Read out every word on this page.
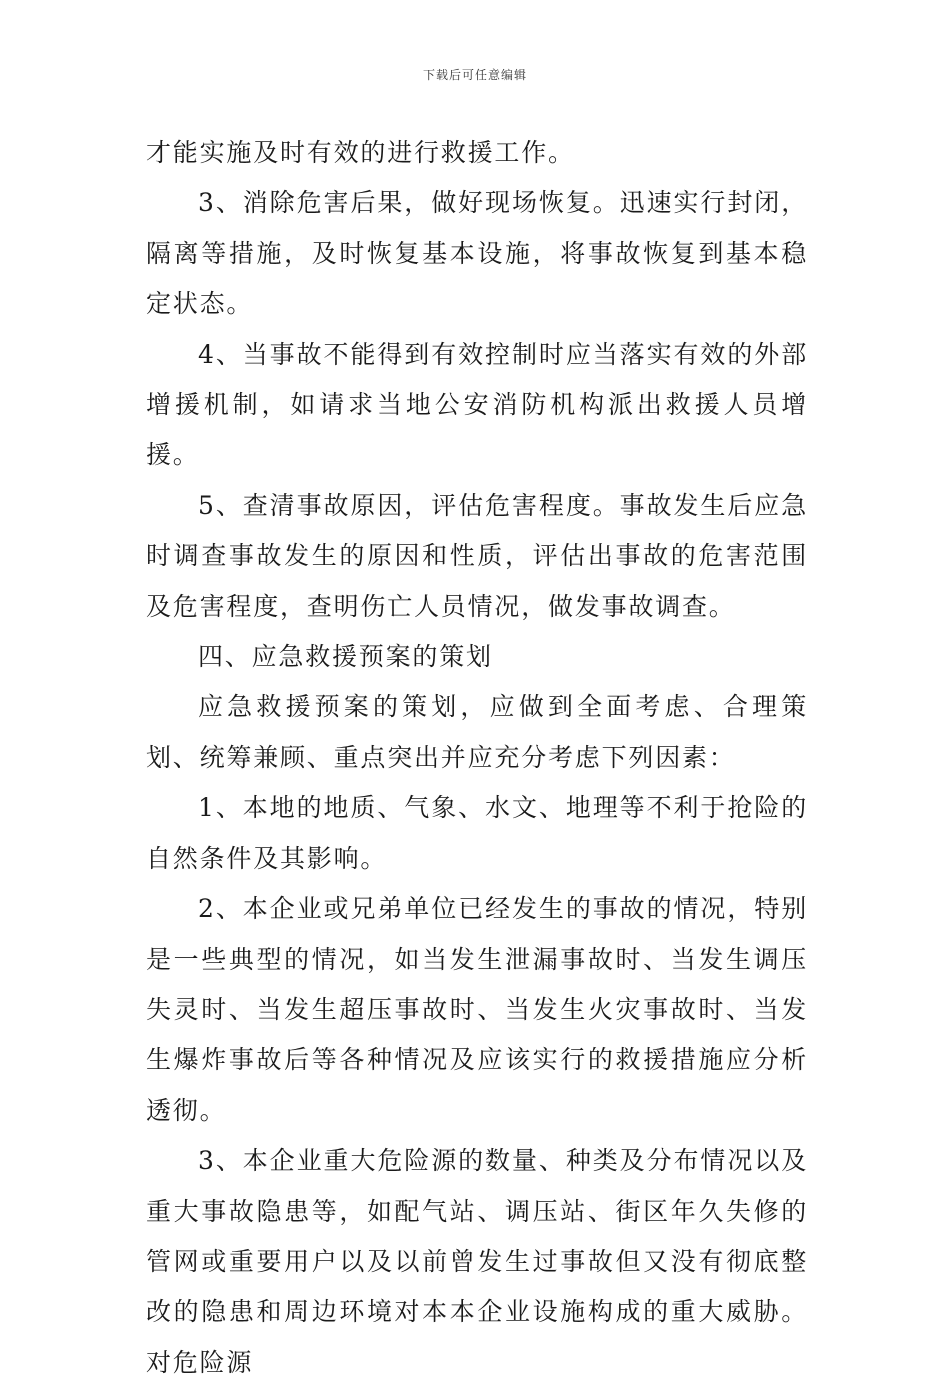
下载后可任意编辑

才能实施及时有效的进行救援工作。

3、消除危害后果，做好现场恢复。迅速实行封闭，隔离等措施，及时恢复基本设施，将事故恢复到基本稳定状态。

4、当事故不能得到有效控制时应当落实有效的外部增援机制，如请求当地公安消防机构派出救援人员增援。

5、查清事故原因，评估危害程度。事故发生后应急时调查事故发生的原因和性质，评估出事故的危害范围及危害程度，查明伤亡人员情况，做发事故调查。

四、应急救援预案的策划

应急救援预案的策划，应做到全面考虑、合理策划、统筹兼顾、重点突出并应充分考虑下列因素：

1、本地的地质、气象、水文、地理等不利于抢险的自然条件及其影响。

2、本企业或兄弟单位已经发生的事故的情况，特别是一些典型的情况，如当发生泄漏事故时、当发生调压失灵时、当发生超压事故时、当发生火灾事故时、当发生爆炸事故后等各种情况及应该实行的救援措施应分析透彻。

3、本企业重大危险源的数量、种类及分布情况以及重大事故隐患等，如配气站、调压站、街区年久失修的管网或重要用户以及以前曾发生过事故但又没有彻底整改的隐患和周边环境对本本企业设施构成的重大威胁。对危险源
